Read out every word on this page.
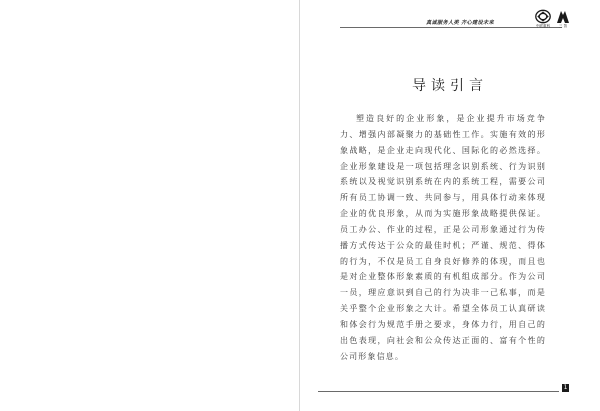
真诚服务人类 齐心建设未来	中联重科	三 智
导读引言

塑造良好的企业形象，是企业提升市场竞争力、增强内部凝聚力的基础性工作。实施有效的形象战略，是企业走向现代化、国际化的必然选择。企业形象建设是一项包括理念识别系统、行为识别系统以及视觉识别系统在内的系统工程，需要公司所有员工协调一致、共同参与，用具体行动来体现企业的优良形象，从而为实施形象战略提供保证。员工办公、作业的过程，正是公司形象通过行为传播方式传达于公众的最佳时机；严谨、规范、得体的行为，不仅是员工自身良好修养的体现，而且也是对企业整体形象素质的有机组成部分。作为公司一员，理应意识到自己的行为决非一己私事，而是关乎整个企业形象之大计。希望全体员工认真研读和体会行为规范手册之要求，身体力行，用自己的出色表现，向社会和公众传达正面的、富有个性的公司形象信息。

1
